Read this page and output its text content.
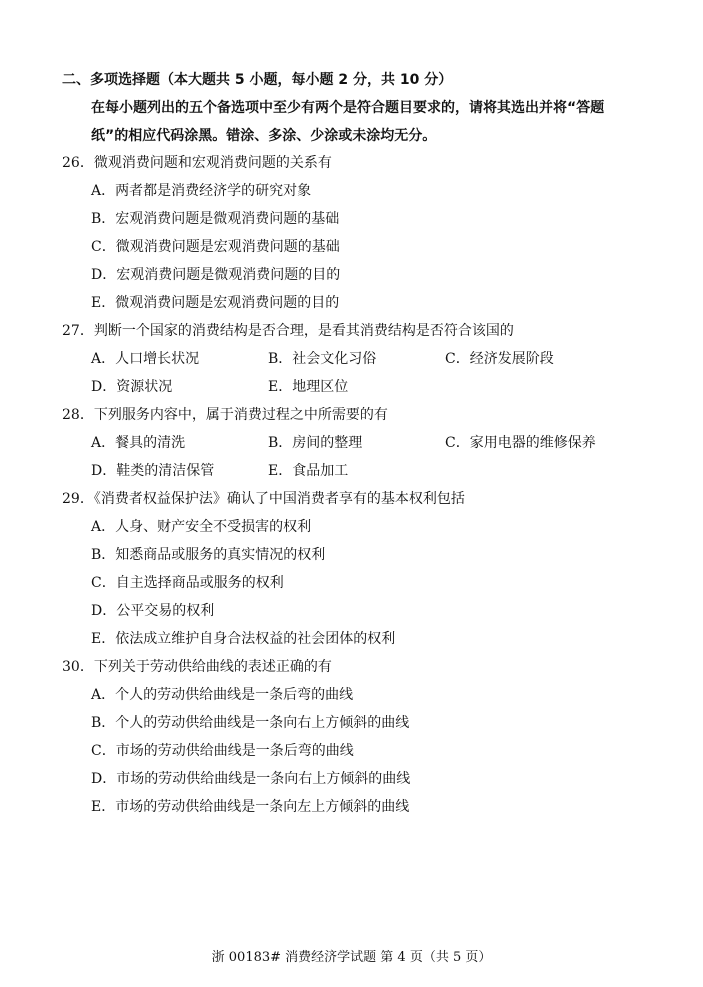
二、多项选择题（本大题共 5 小题，每小题 2 分，共 10 分）
在每小题列出的五个备选项中至少有两个是符合题目要求的，请将其选出并将“答题
纸”的相应代码涂黑。错涂、多涂、少涂或未涂均无分。
26．微观消费问题和宏观消费问题的关系有
A．两者都是消费经济学的研究对象
B．宏观消费问题是微观消费问题的基础
C．微观消费问题是宏观消费问题的基础
D．宏观消费问题是微观消费问题的目的
E．微观消费问题是宏观消费问题的目的
27．判断一个国家的消费结构是否合理，是看其消费结构是否符合该国的
A．人口增长状况	B．社会文化习俗	C．经济发展阶段
D．资源状况	E．地理区位
28．下列服务内容中，属于消费过程之中所需要的有
A．餐具的清洗	B．房间的整理	C．家用电器的维修保养
D．鞋类的清洁保管	E．食品加工
29．《消费者权益保护法》确认了中国消费者享有的基本权利包括
A．人身、财产安全不受损害的权利
B．知悉商品或服务的真实情况的权利
C．自主选择商品或服务的权利
D．公平交易的权利
E．依法成立维护自身合法权益的社会团体的权利
30．下列关于劳动供给曲线的表述正确的有
A．个人的劳动供给曲线是一条后弯的曲线
B．个人的劳动供给曲线是一条向右上方倾斜的曲线
C．市场的劳动供给曲线是一条后弯的曲线
D．市场的劳动供给曲线是一条向右上方倾斜的曲线
E．市场的劳动供给曲线是一条向左上方倾斜的曲线
浙 00183# 消费经济学试题 第 4 页（共 5 页）
